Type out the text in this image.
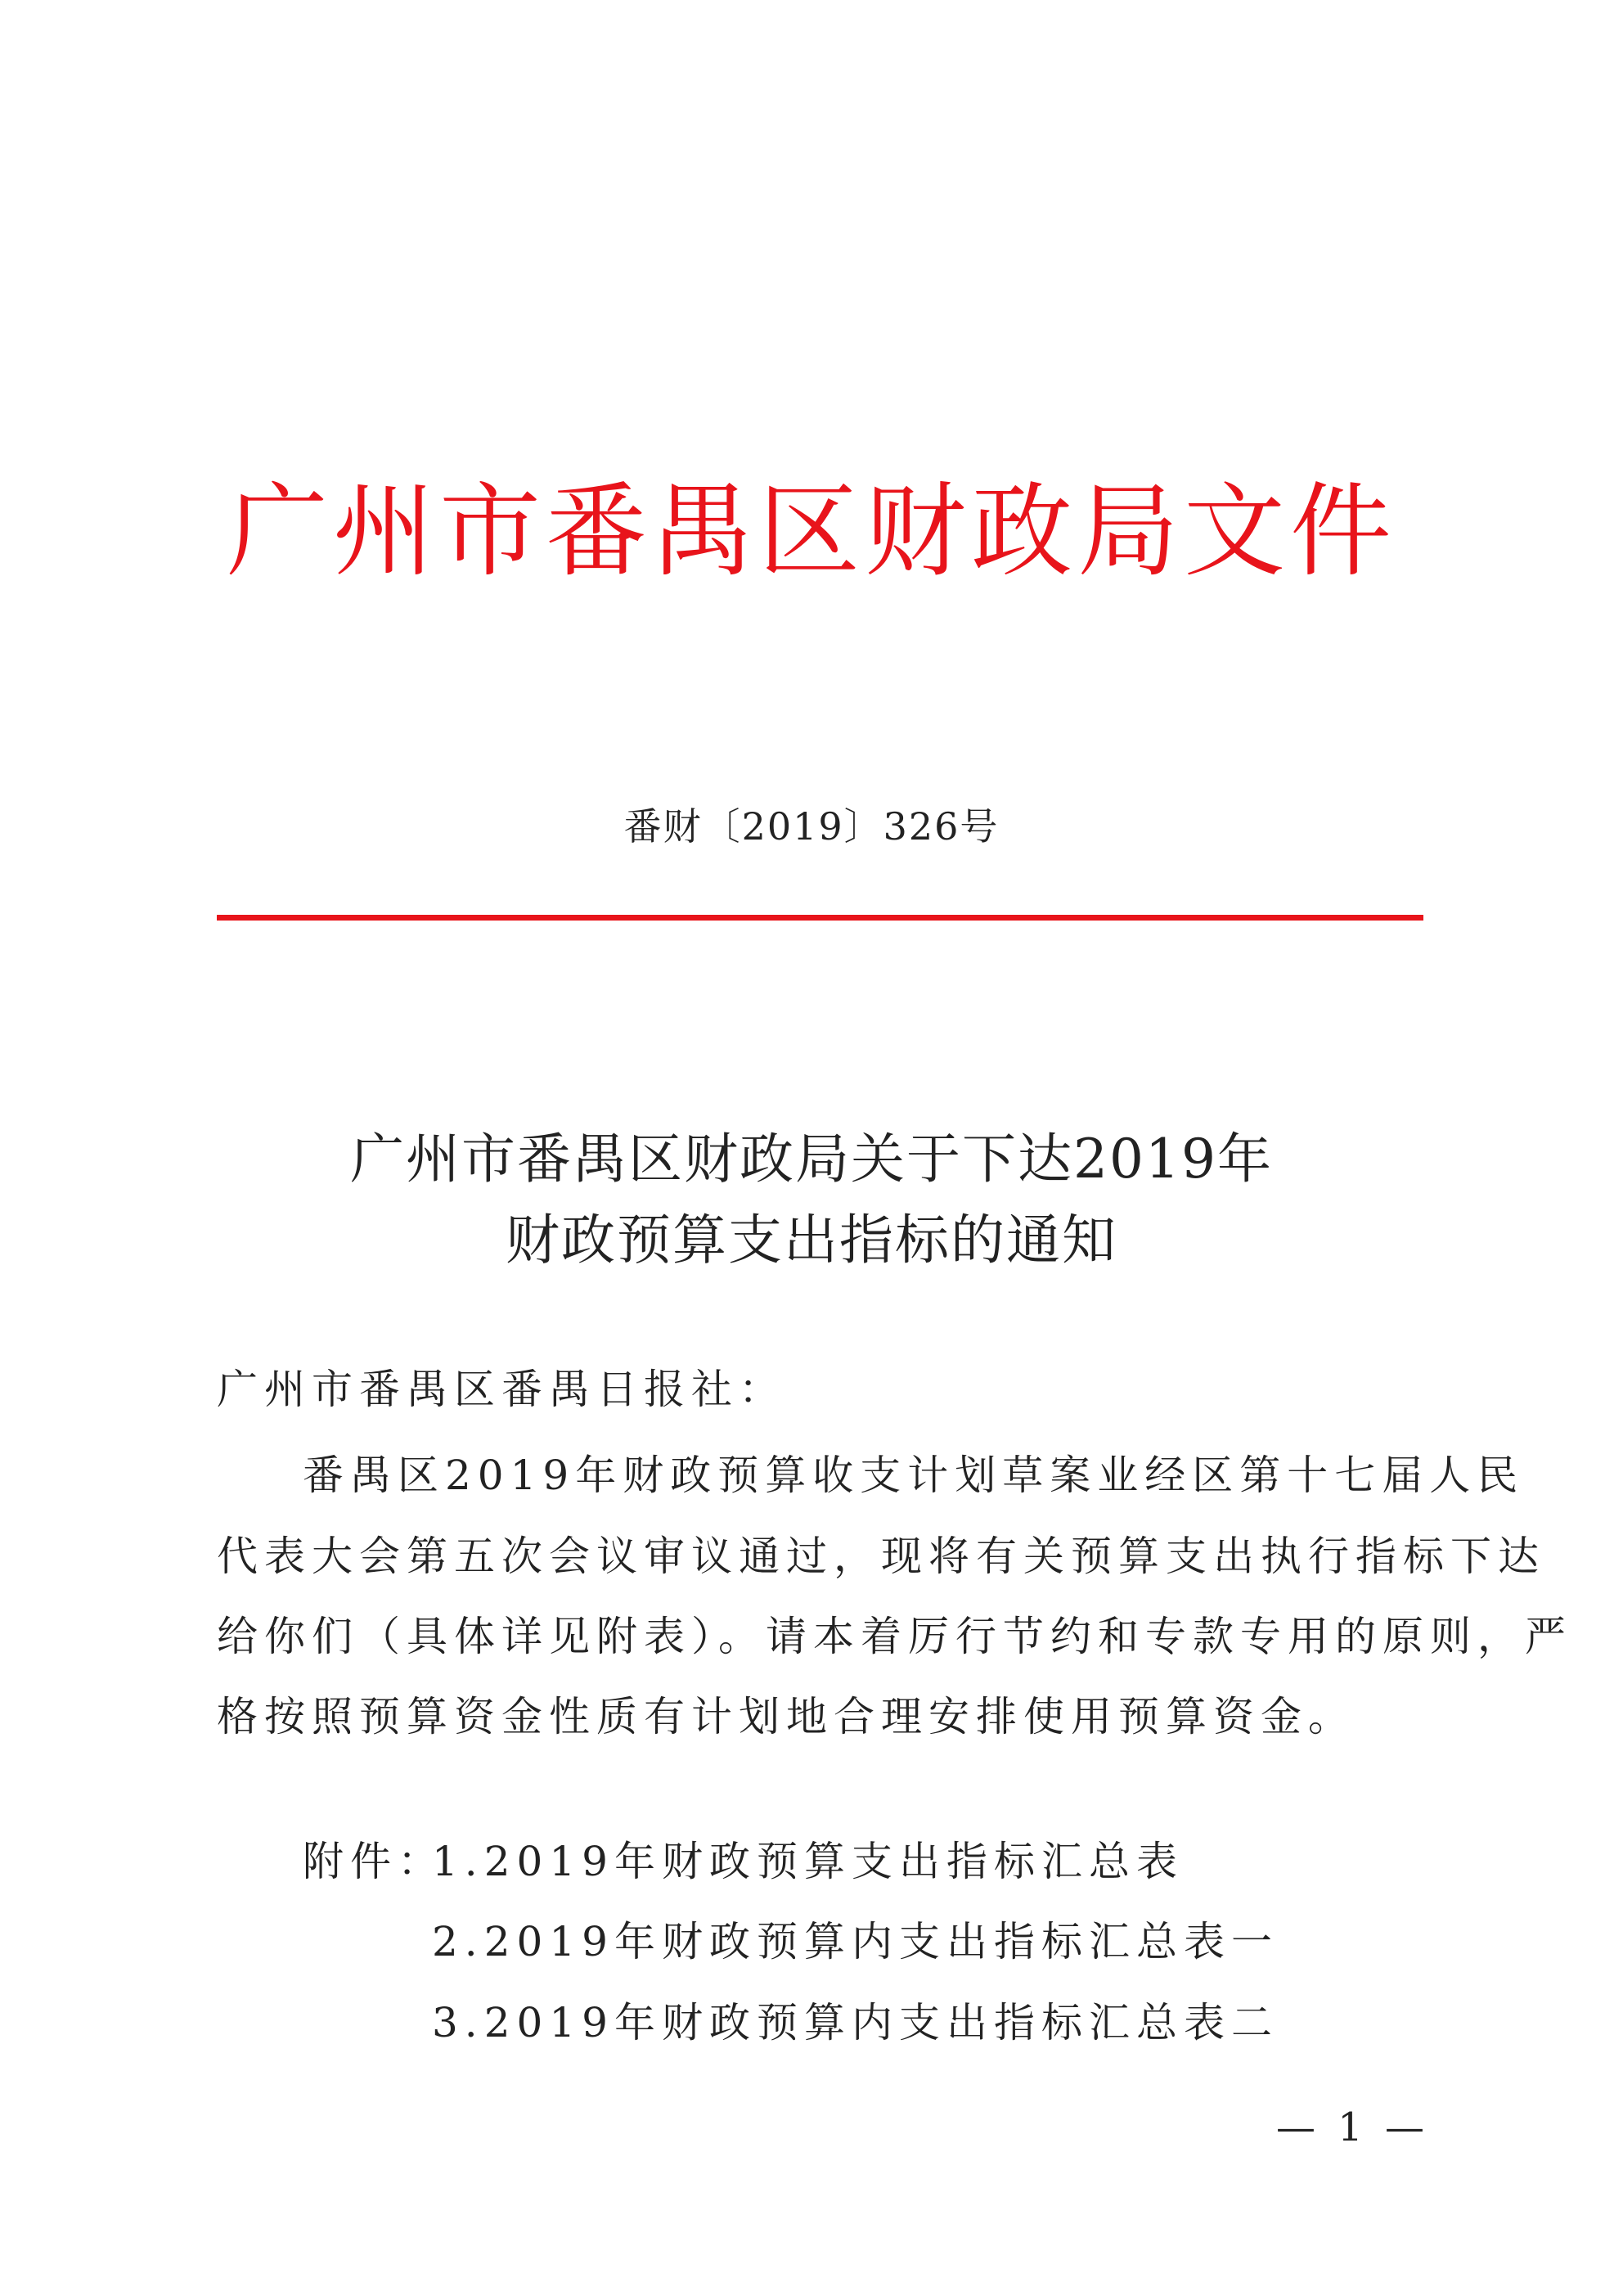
广州市番禺区财政局文件
番财〔2019〕326号
广州市番禺区财政局关于下达2019年
财政预算支出指标的通知
广州市番禺区番禺日报社：
番禺区2019年财政预算收支计划草案业经区第十七届人民
代表大会第五次会议审议通过，现将有关预算支出执行指标下达
给你们（具体详见附表）。请本着厉行节约和专款专用的原则，严
格按照预算资金性质有计划地合理安排使用预算资金。
附件：
1.2019年财政预算支出指标汇总表
2.2019年财政预算内支出指标汇总表一
3.2019年财政预算内支出指标汇总表二
— 1 —
